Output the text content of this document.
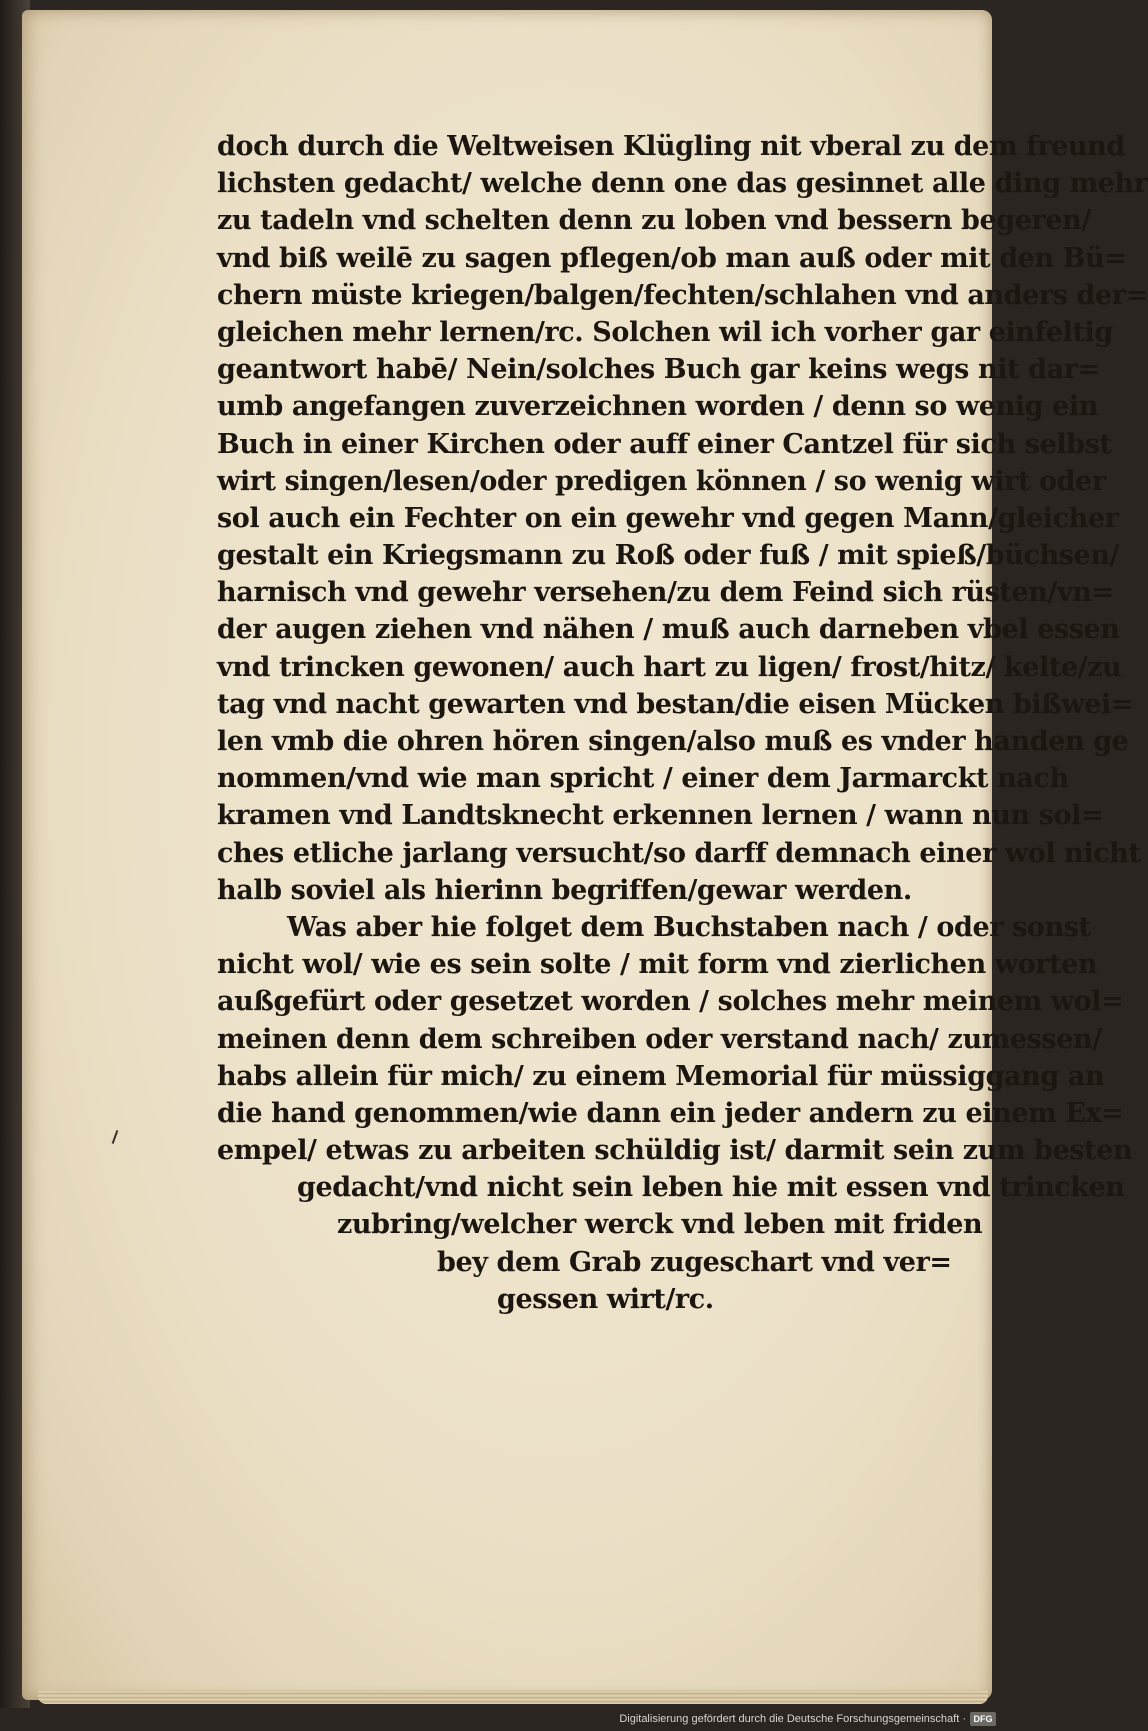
doch durch die Weltweisen Klügling nit vberal zu dem freund
lichsten gedacht/ welche denn one das gesinnet alle ding mehr
zu tadeln vnd schelten denn zu loben vnd bessern begeren/
vnd biß weilē zu sagen pflegen/ob man auß oder mit den Bü=
chern müste kriegen/balgen/fechten/schlahen vnd anders der=
gleichen mehr lernen/rc. Solchen wil ich vorher gar einfeltig
geantwort habē/ Nein/solches Buch gar keins wegs nit dar=
umb angefangen zuverzeichnen worden / denn so wenig ein
Buch in einer Kirchen oder auff einer Cantzel für sich selbst
wirt singen/lesen/oder predigen können / so wenig wirt oder
sol auch ein Fechter on ein gewehr vnd gegen Mann/gleicher
gestalt ein Kriegsmann zu Roß oder fuß / mit spieß/büchsen/
harnisch vnd gewehr versehen/zu dem Feind sich rüsten/vn=
der augen ziehen vnd nähen / muß auch darneben vbel essen
vnd trincken gewonen/ auch hart zu ligen/ frost/hitz/ kelte/zu
tag vnd nacht gewarten vnd bestan/die eisen Mücken bißwei=
len vmb die ohren hören singen/also muß es vnder handen ge
nommen/vnd wie man spricht / einer dem Jarmarckt nach
kramen vnd Landtsknecht erkennen lernen / wann nun sol=
ches etliche jarlang versucht/so darff demnach einer wol nicht
halb soviel als hierinn begriffen/gewar werden.
Was aber hie folget dem Buchstaben nach / oder sonst
nicht wol/ wie es sein solte / mit form vnd zierlichen worten
außgefürt oder gesetzet worden / solches mehr meinem wol=
meinen denn dem schreiben oder verstand nach/ zumessen/
habs allein für mich/ zu einem Memorial für müssiggang an
die hand genommen/wie dann ein jeder andern zu einem Ex=
empel/ etwas zu arbeiten schüldig ist/ darmit sein zum besten
gedacht/vnd nicht sein leben hie mit essen vnd trincken
zubring/welcher werck vnd leben mit friden
bey dem Grab zugeschart vnd ver=
gessen wirt/rc.
Digitalisierung gefördert durch die Deutsche Forschungsgemeinschaft · DFG
